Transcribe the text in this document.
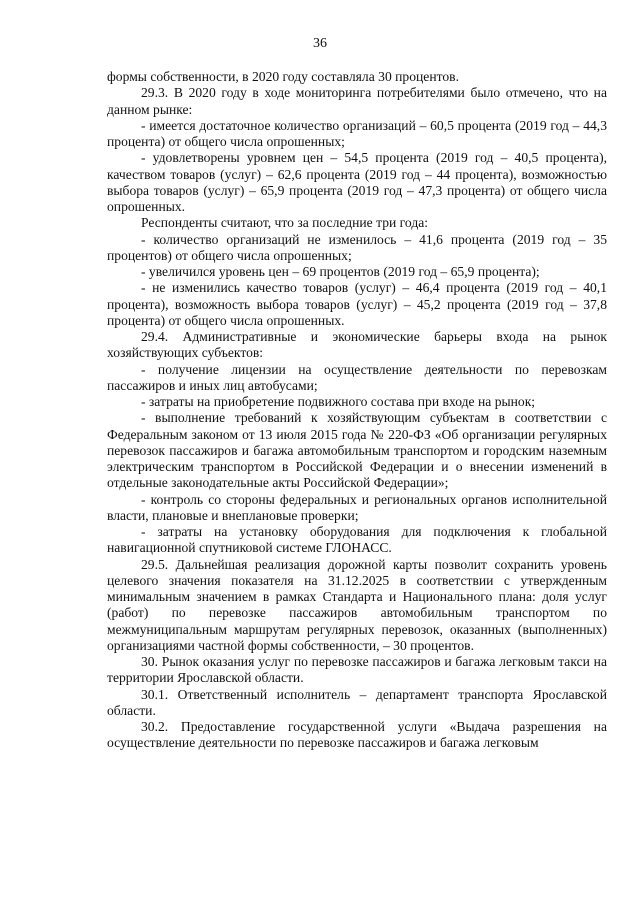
36

формы собственности, в 2020 году составляла 30 процентов.

29.3. В 2020 году в ходе мониторинга потребителями было отмечено, что на данном рынке:

- имеется достаточное количество организаций – 60,5 процента (2019 год – 44,3 процента) от общего числа опрошенных;

- удовлетворены уровнем цен – 54,5 процента (2019 год – 40,5 процента), качеством товаров (услуг) – 62,6 процента (2019 год – 44 процента), возможностью выбора товаров (услуг) – 65,9 процента (2019 год – 47,3 процента) от общего числа опрошенных.

Респонденты считают, что за последние три года:

- количество организаций не изменилось – 41,6 процента (2019 год – 35 процентов) от общего числа опрошенных;

- увеличился уровень цен – 69 процентов (2019 год – 65,9 процента);

- не изменились качество товаров (услуг) – 46,4 процента (2019 год – 40,1 процента), возможность выбора товаров (услуг) – 45,2 процента (2019 год – 37,8 процента) от общего числа опрошенных.

29.4. Административные и экономические барьеры входа на рынок хозяйствующих субъектов:

- получение лицензии на осуществление деятельности по перевозкам пассажиров и иных лиц автобусами;

- затраты на приобретение подвижного состава при входе на рынок;

- выполнение требований к хозяйствующим субъектам в соответствии с Федеральным законом от 13 июля 2015 года № 220-ФЗ «Об организации регулярных перевозок пассажиров и багажа автомобильным транспортом и городским наземным электрическим транспортом в Российской Федерации и о внесении изменений в отдельные законодательные акты Российской Федерации»;

- контроль со стороны федеральных и региональных органов исполнительной власти, плановые и внеплановые проверки;

- затраты на установку оборудования для подключения к глобальной навигационной спутниковой системе ГЛОНАСС.

29.5. Дальнейшая реализация дорожной карты позволит сохранить уровень целевого значения показателя на 31.12.2025 в соответствии с утвержденным минимальным значением в рамках Стандарта и Национального плана: доля услуг (работ) по перевозке пассажиров автомобильным транспортом по межмуниципальным маршрутам регулярных перевозок, оказанных (выполненных) организациями частной формы собственности, – 30 процентов.

30. Рынок оказания услуг по перевозке пассажиров и багажа легковым такси на территории Ярославской области.

30.1. Ответственный исполнитель – департамент транспорта Ярославской области.

30.2. Предоставление государственной услуги «Выдача разрешения на осуществление деятельности по перевозке пассажиров и багажа легковым
